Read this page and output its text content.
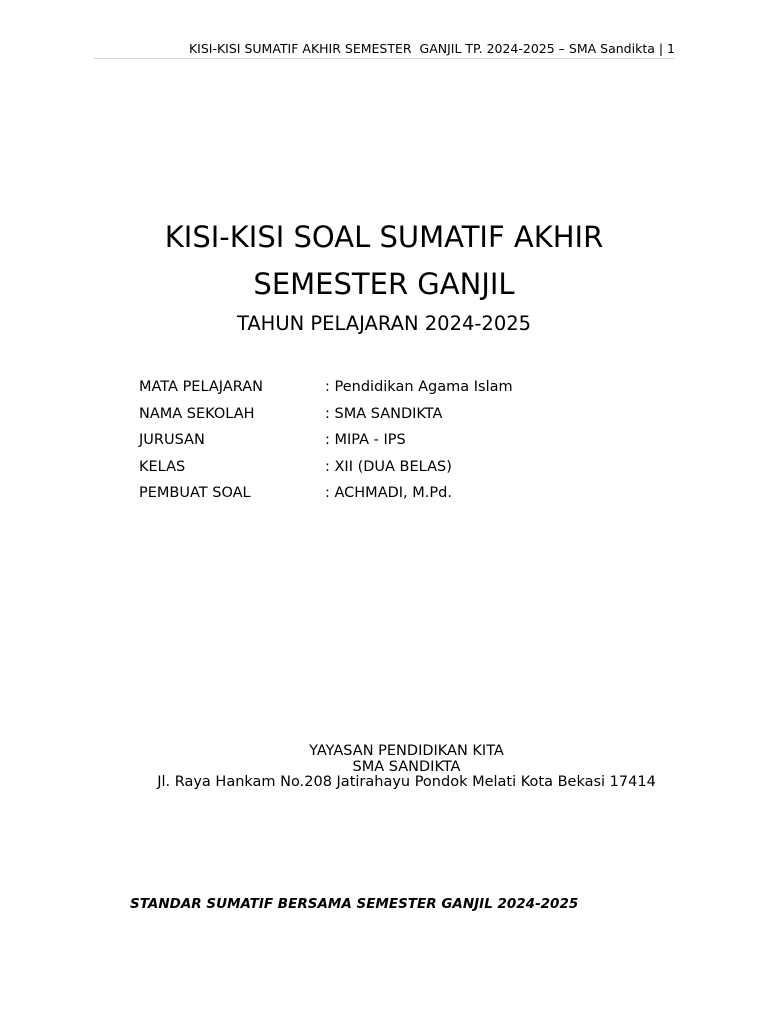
KISI-KISI SUMATIF AKHIR SEMESTER  GANJIL TP. 2024-2025 – SMA Sandikta | 1
KISI-KISI SOAL SUMATIF AKHIR
SEMESTER GANJIL
TAHUN PELAJARAN 2024-2025
MATA PELAJARAN	: Pendidikan Agama Islam
NAMA SEKOLAH	: SMA SANDIKTA
JURUSAN	: MIPA - IPS
KELAS	: XII (DUA BELAS)
PEMBUAT SOAL	: ACHMADI, M.Pd.
YAYASAN PENDIDIKAN KITA
SMA SANDIKTA
Jl. Raya Hankam No.208 Jatirahayu Pondok Melati Kota Bekasi 17414
STANDAR SUMATIF BERSAMA SEMESTER GANJIL 2024-2025
